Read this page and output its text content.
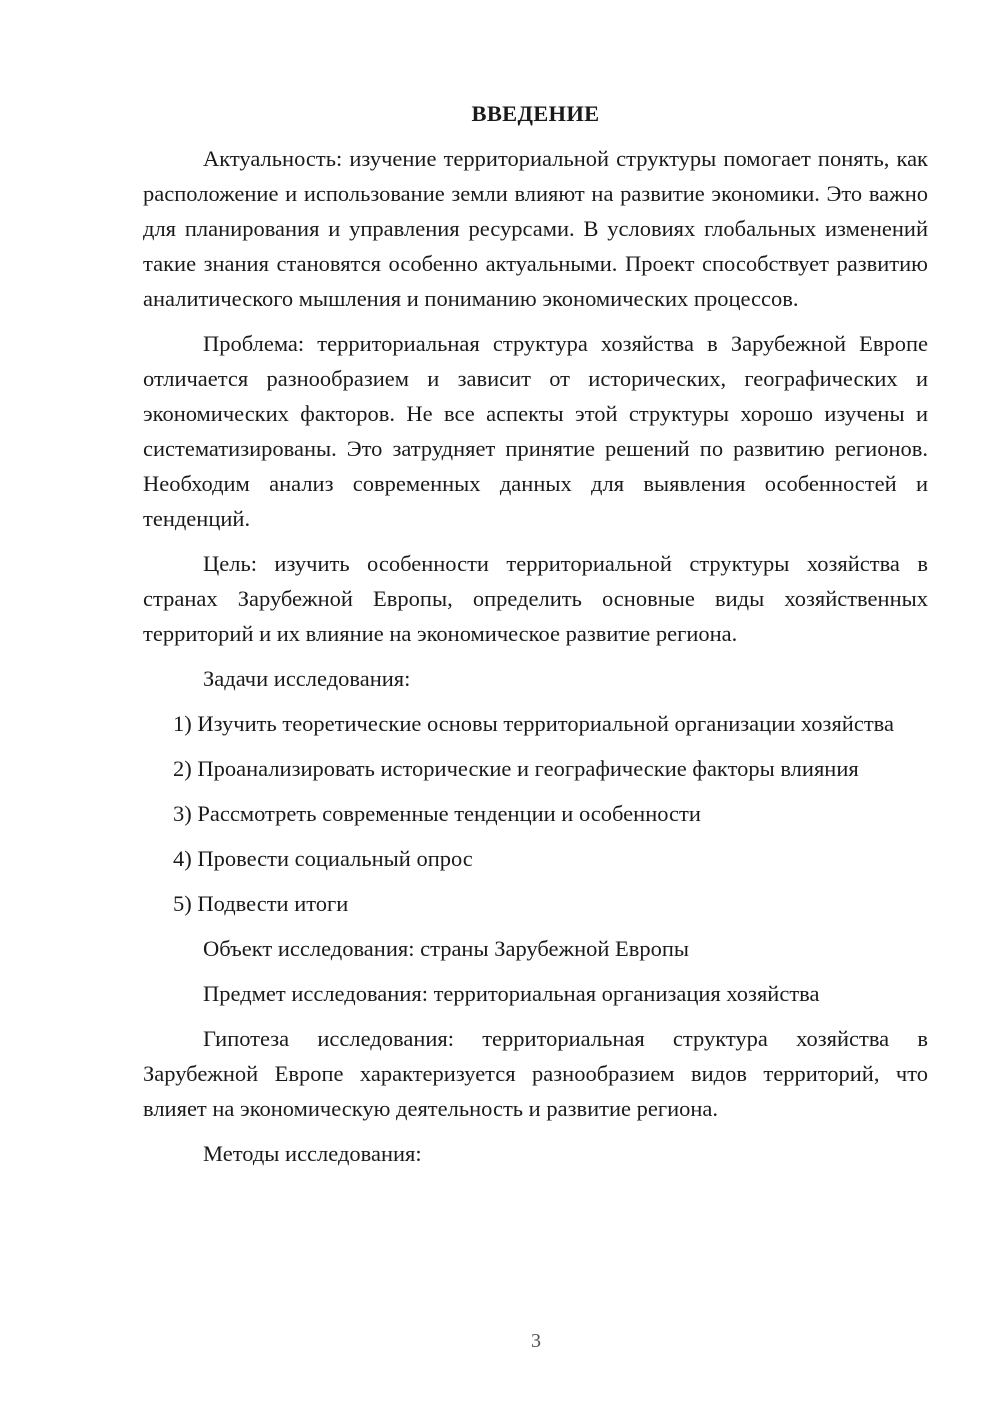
ВВЕДЕНИЕ

Актуальность: изучение территориальной структуры помогает понять, как расположение и использование земли влияют на развитие экономики. Это важно для планирования и управления ресурсами. В условиях глобальных изменений такие знания становятся особенно актуальными. Проект способствует развитию аналитического мышления и пониманию экономических процессов.

Проблема: территориальная структура хозяйства в Зарубежной Европе отличается разнообразием и зависит от исторических, географических и экономических факторов. Не все аспекты этой структуры хорошо изучены и систематизированы. Это затрудняет принятие решений по развитию регионов. Необходим анализ современных данных для выявления особенностей и тенденций.

Цель: изучить особенности территориальной структуры хозяйства в странах Зарубежной Европы, определить основные виды хозяйственных территорий и их влияние на экономическое развитие региона.

Задачи исследования:

1) Изучить теоретические основы территориальной организации хозяйства

2) Проанализировать исторические и географические факторы влияния

3) Рассмотреть современные тенденции и особенности

4) Провести социальный опрос

5) Подвести итоги

Объект исследования: страны Зарубежной Европы

Предмет исследования: территориальная организация хозяйства

Гипотеза исследования: территориальная структура хозяйства в Зарубежной Европе характеризуется разнообразием видов территорий, что влияет на экономическую деятельность и развитие региона.

Методы исследования:

3
